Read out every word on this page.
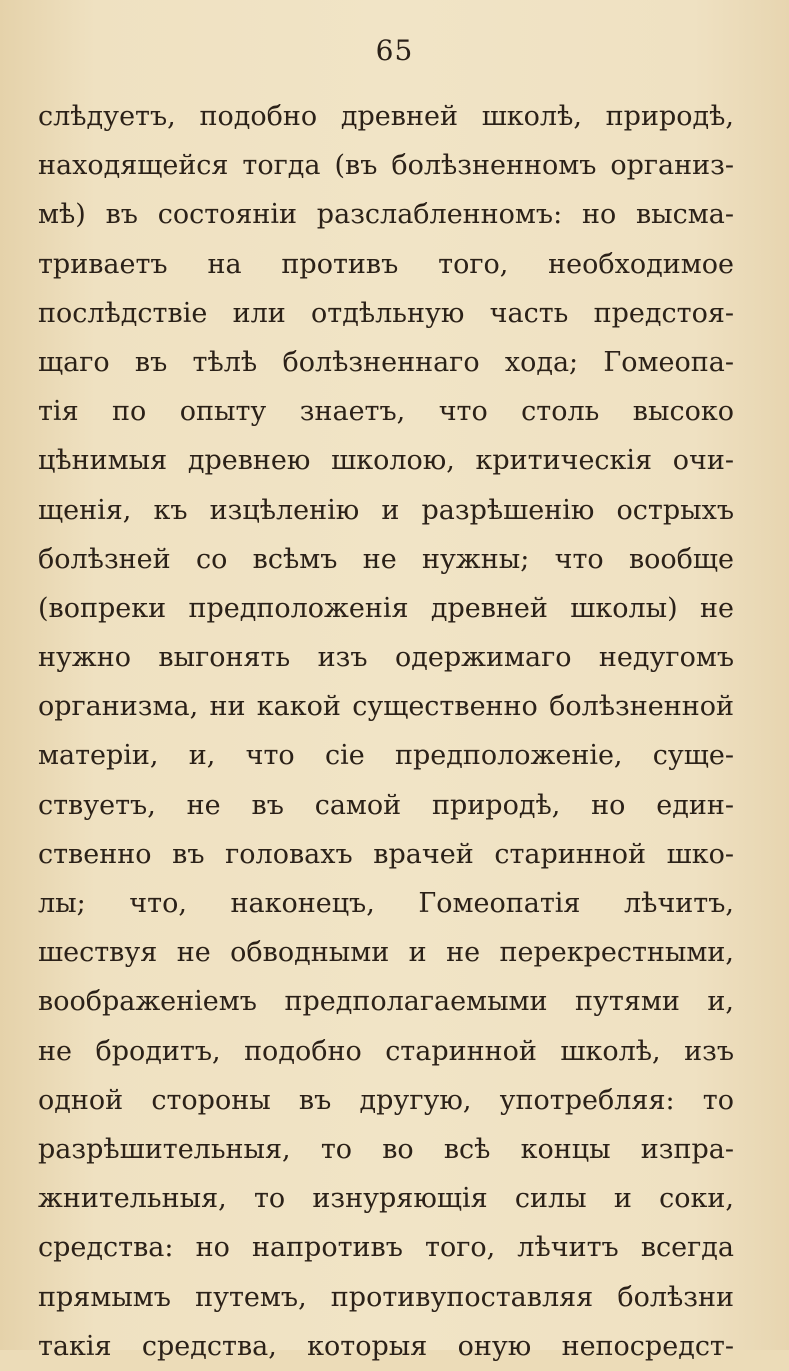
65
слѣдуетъ, подобно древней школѣ, природѣ,
находящейся тогда (въ болѣзненномъ организ-
мѣ) въ состояніи разслабленномъ: но высма-
триваетъ на противъ того, необходимое
послѣдствіе или отдѣльную часть предстоя-
щаго въ тѣлѣ болѣзненнаго хода; Гомеопа-
тія по опыту знаетъ, что столь высоко
цѣнимыя древнею школою, критическія очи-
щенія, къ изцѣленію и разрѣшенію острыхъ
болѣзней со всѣмъ не нужны; что вообще
(вопреки предположенія древней школы) не
нужно выгонять изъ одержимаго недугомъ
организма, ни какой существенно болѣзненной
матеріи, и, что сіе предположеніе, суще-
ствуетъ, не въ самой природѣ, но един-
ственно въ головахъ врачей старинной шко-
лы; что, наконецъ, Гомеопатія лѣчитъ,
шествуя не обводными и не перекрестными,
воображеніемъ предполагаемыми путями и,
не бродитъ, подобно старинной школѣ, изъ
одной стороны въ другую, употребляя: то
разрѣшительныя, то во всѣ концы изпра-
жнительныя, то изнуряющія силы и соки,
средства: но напротивъ того, лѣчитъ всегда
прямымъ путемъ, противупоставляя болѣзни
такія средства, которыя оную непосредст-
